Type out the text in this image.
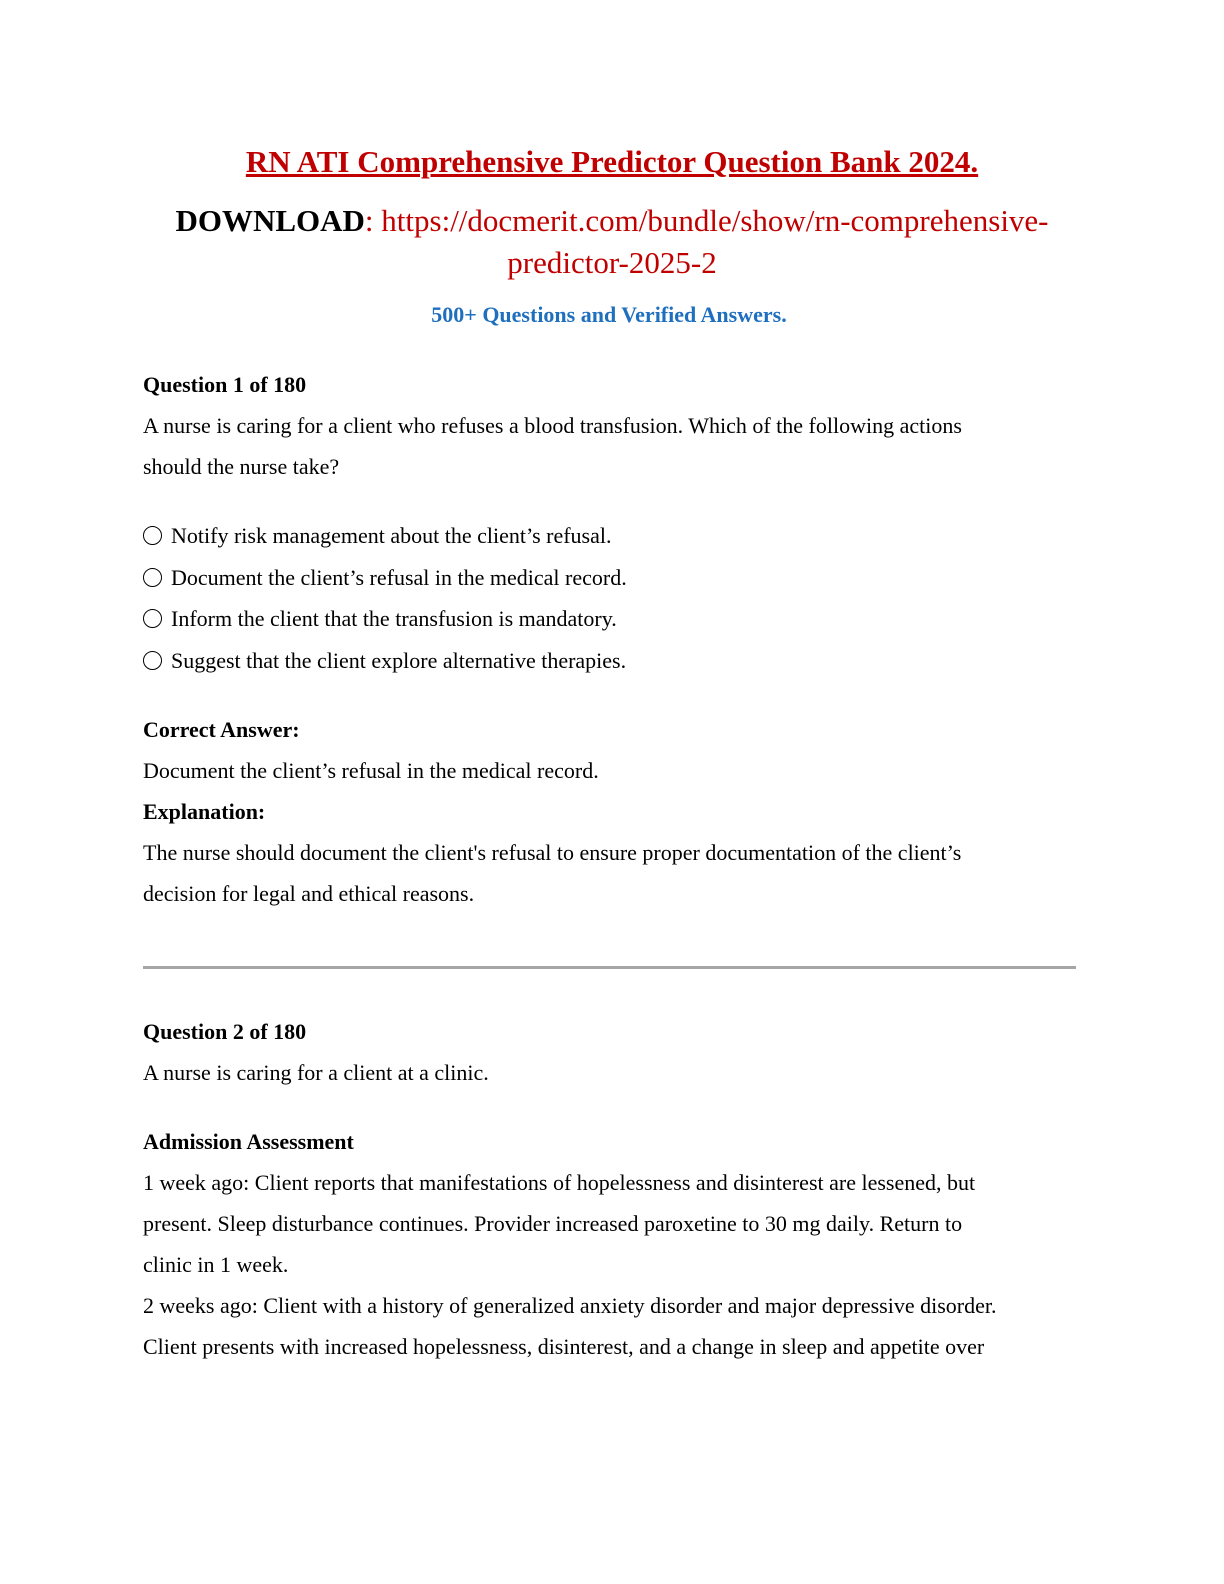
RN ATI Comprehensive Predictor Question Bank 2024.
DOWNLOAD: https://docmerit.com/bundle/show/rn-comprehensive-
predictor-2025-2
500+ Questions and Verified Answers.
Question 1 of 180
A nurse is caring for a client who refuses a blood transfusion. Which of the following actions
should the nurse take?
Notify risk management about the client’s refusal.
Document the client’s refusal in the medical record.
Inform the client that the transfusion is mandatory.
Suggest that the client explore alternative therapies.
Correct Answer:
Document the client’s refusal in the medical record.
Explanation:
The nurse should document the client's refusal to ensure proper documentation of the client’s
decision for legal and ethical reasons.
Question 2 of 180
A nurse is caring for a client at a clinic.
Admission Assessment
1 week ago: Client reports that manifestations of hopelessness and disinterest are lessened, but
present. Sleep disturbance continues. Provider increased paroxetine to 30 mg daily. Return to
clinic in 1 week.
2 weeks ago: Client with a history of generalized anxiety disorder and major depressive disorder.
Client presents with increased hopelessness, disinterest, and a change in sleep and appetite over
